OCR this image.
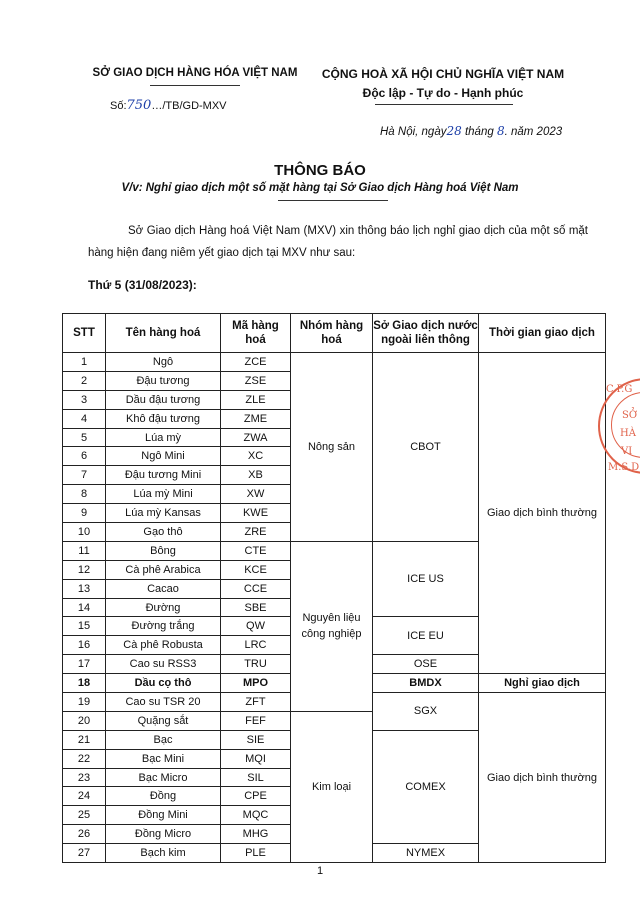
SỞ GIAO DỊCH HÀNG HÓA VIỆT NAM
Số:750…/TB/GD-MXV
CỘNG HOÀ XÃ HỘI CHỦ NGHĨA VIỆT NAM
Độc lập - Tự do - Hạnh phúc
Hà Nội, ngày28 tháng 8. năm 2023
THÔNG BÁO
V/v: Nghỉ giao dịch một số mặt hàng tại Sở Giao dịch Hàng hoá Việt Nam
Sở Giao dịch Hàng hoá Việt Nam (MXV) xin thông báo lịch nghỉ giao dịch của một số mặt hàng hiện đang niêm yết giao dịch tại MXV như sau:
Thứ 5 (31/08/2023):
STT	Tên hàng hoá	Mã hàng hoá	Nhóm hàng hoá	Sở Giao dịch nước ngoài liên thông	Thời gian giao dịch
1	Ngô	ZCE	Nông sản	CBOT	Giao dịch bình thường
2	Đậu tương	ZSE			
3	Dầu đậu tương	ZLE			
4	Khô đậu tương	ZME			
5	Lúa mỳ	ZWA			
6	Ngô Mini	XC			
7	Đậu tương Mini	XB			
8	Lúa mỳ Mini	XW			
9	Lúa mỳ Kansas	KWE			
10	Gạo thô	ZRE			
11	Bông	CTE	Nguyên liệu công nghiệp	ICE US	
12	Cà phê Arabica	KCE			
13	Cacao	CCE			
14	Đường	SBE			
15	Đường trắng	QW		ICE EU	
16	Cà phê Robusta	LRC			
17	Cao su RSS3	TRU		OSE	
18	Dầu cọ thô	MPO		BMDX	Nghỉ giao dịch
19	Cao su TSR 20	ZFT		SGX	Giao dịch bình thường
20	Quặng sắt	FEF	Kim loại		
21	Bạc	SIE		COMEX	
22	Bạc Mini	MQI			
23	Bạc Micro	SIL			
24	Đồng	CPE			
25	Đồng Mini	MQC			
26	Đồng Micro	MHG			
27	Bạch kim	PLE		NYMEX	
1
C.P.G
SỞ
HÀ
VI
M.S.D
